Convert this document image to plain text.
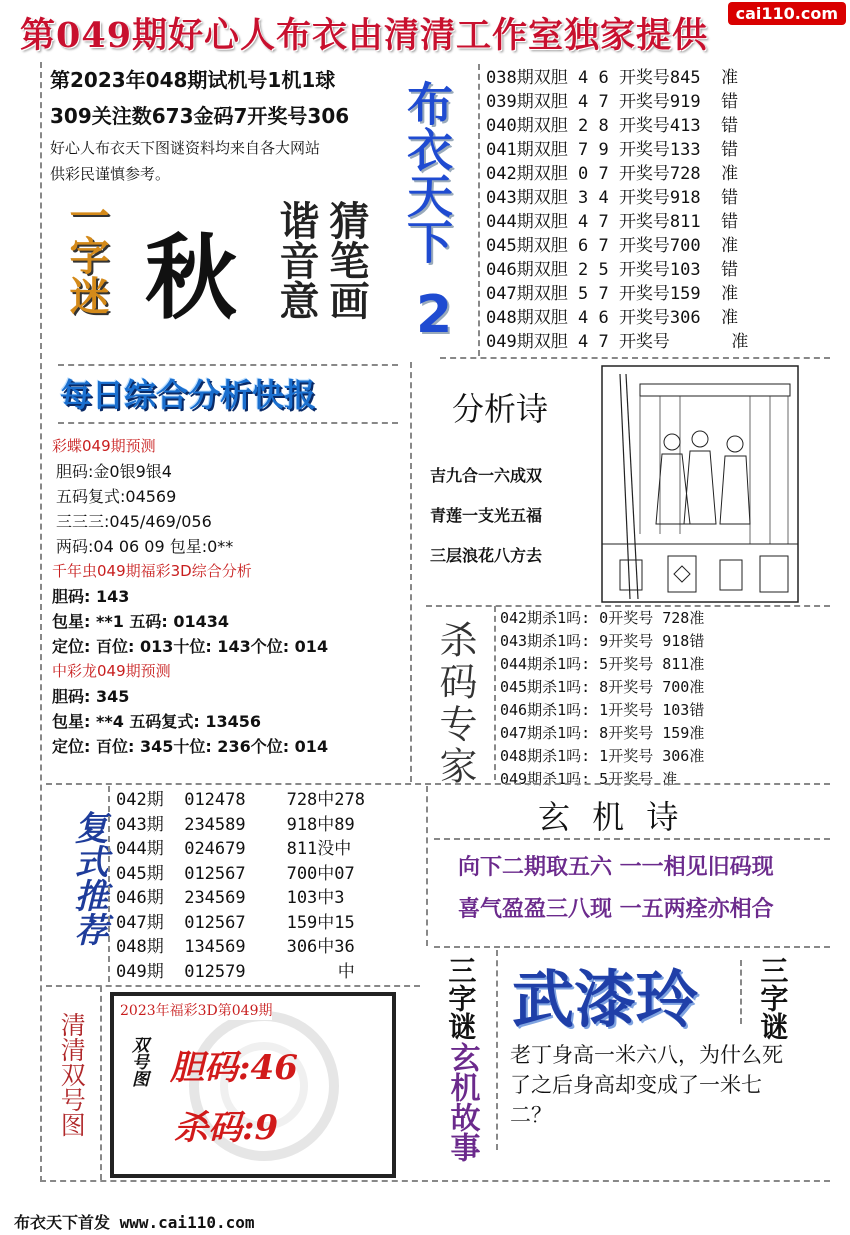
第049期好心人布衣由清清工作室独家提供
cai110.com
第2023年048期试机号1机1球
309关注数673金码7开奖号306
好心人布衣天下图谜资料均来自各大网站
供彩民谨慎参考。
一字迷 秋 猜笔画
谐音意 布衣天下
2
038期双胆 4 6 开奖号845 准
039期双胆 4 7 开奖号919 错
040期双胆 2 8 开奖号413 错
041期双胆 7 9 开奖号133 错
042期双胆 0 7 开奖号728 准
043期双胆 3 4 开奖号918 错
044期双胆 4 7 开奖号811 错
045期双胆 6 7 开奖号700 准
046期双胆 2 5 开奖号103 错
047期双胆 5 7 开奖号159 准
048期双胆 4 6 开奖号306 准
049期双胆 4 7 开奖号	准
每日综合分析快报
彩蝶049期预测
胆码:金0银9银4
五码复式:04569
三三三:045/469/056
两码:04 06 09 包星:0**
千年虫049期福彩3D综合分析
胆码: 143
包星: **1 五码: 01434
定位: 百位: 013十位: 143个位: 014
中彩龙049期预测
胆码: 345
包星: **4 五码复式: 13456
定位: 百位: 345十位: 236个位: 014
分析诗
吉九合一六成双
青莲一支光五福
三层浪花八方去
杀码专家
042期杀1吗: 0开奖号 728准
043期杀1吗: 9开奖号 918错
044期杀1吗: 5开奖号 811准
045期杀1吗: 8开奖号 700准
046期杀1吗: 1开奖号 103错
047期杀1吗: 8开奖号 159准
048期杀1吗: 1开奖号 306准
049期杀1吗: 5开奖号 准
复式推荐
042期 012478 728中278
043期 234589 918中89
044期 024679 811没中
045期 012567 700中07
046期 234569 103中3
047期 012567 159中15
048期 134569 306中36
049期 012579	中
玄 机 诗
向下二期取五六 一一相见旧码现
喜气盈盈三八现 一五两痊亦相合
三字谜 武漆玲 三字谜
玄机故事 老丁身高一米六八，为什么死了之后身高却变成了一米七二？
清清双号图
2023年福彩3D第049期
双号图 胆码:46
杀码:9
布衣天下首发 www.cai110.com
